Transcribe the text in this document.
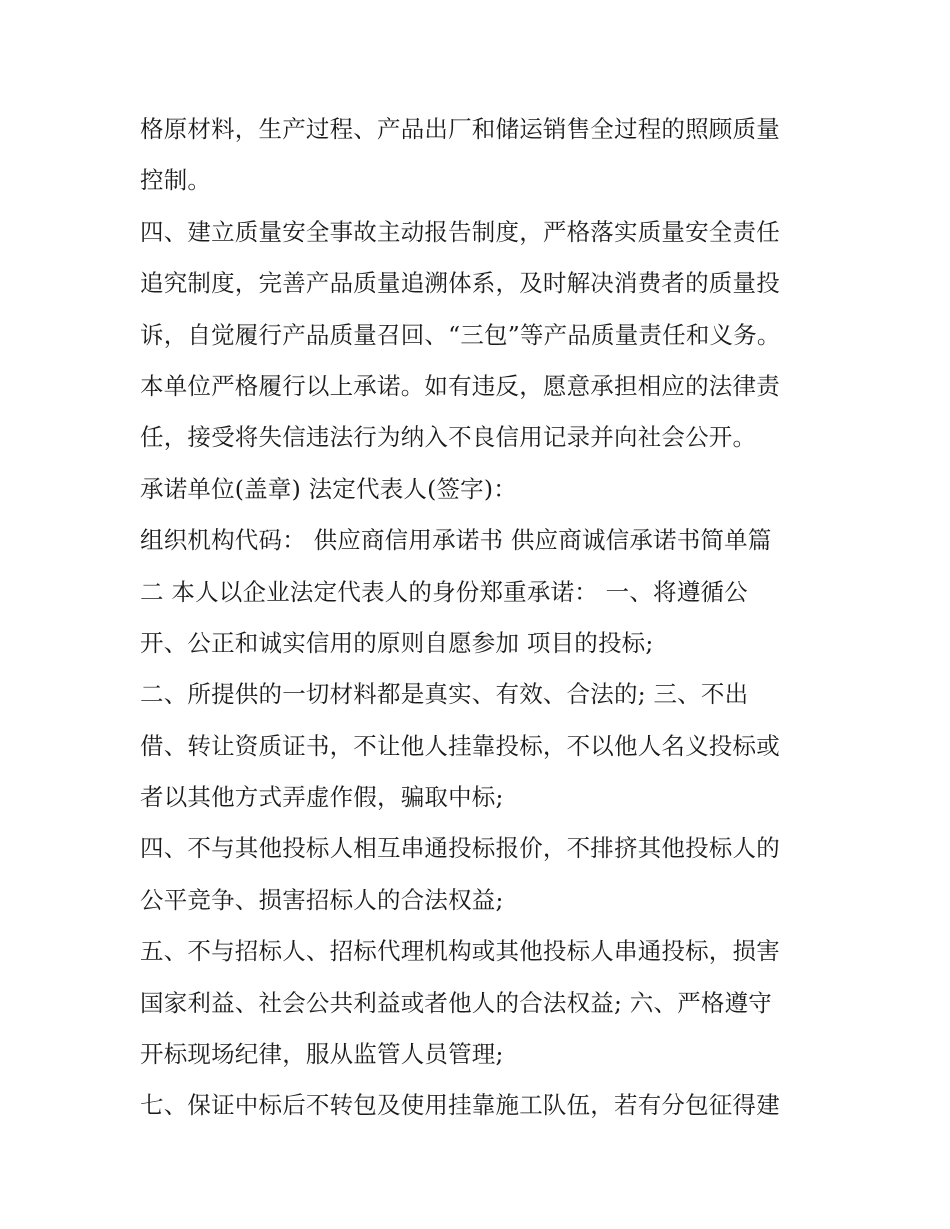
格原材料，生产过程、产品出厂和储运销售全过程的照顾质量
控制。
四、建立质量安全事故主动报告制度，严格落实质量安全责任
追究制度，完善产品质量追溯体系，及时解决消费者的质量投
诉，自觉履行产品质量召回、“三包”等产品质量责任和义务。
本单位严格履行以上承诺。如有违反，愿意承担相应的法律责
任，接受将失信违法行为纳入不良信用记录并向社会公开。
承诺单位(盖章) 法定代表人(签字)：
组织机构代码： 供应商信用承诺书 供应商诚信承诺书简单篇
二 本人以企业法定代表人的身份郑重承诺： 一、将遵循公
开、公正和诚实信用的原则自愿参加 项目的投标;
二、所提供的一切材料都是真实、有效、合法的; 三、不出
借、转让资质证书，不让他人挂靠投标，不以他人名义投标或
者以其他方式弄虚作假，骗取中标;
四、不与其他投标人相互串通投标报价，不排挤其他投标人的
公平竞争、损害招标人的合法权益;
五、不与招标人、招标代理机构或其他投标人串通投标，损害
国家利益、社会公共利益或者他人的合法权益; 六、严格遵守
开标现场纪律，服从监管人员管理;
七、保证中标后不转包及使用挂靠施工队伍，若有分包征得建
